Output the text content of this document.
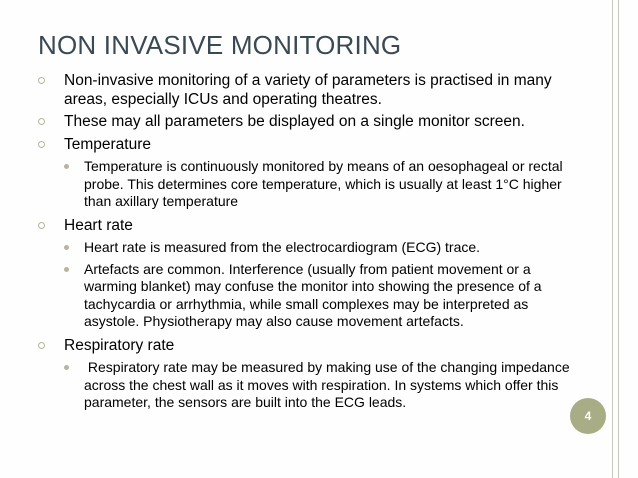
NON INVASIVE MONITORING
Non-invasive monitoring of a variety of parameters is practised in many areas, especially ICUs and operating theatres.
These may all parameters be displayed on a single monitor screen.
Temperature
Temperature is continuously monitored by means of an oesophageal or rectal probe. This determines core temperature, which is usually at least 1°C higher than axillary temperature
Heart rate
Heart rate is measured from the electrocardiogram (ECG) trace.
Artefacts are common. Interference (usually from patient movement or a warming blanket) may confuse the monitor into showing the presence of a tachycardia or arrhythmia, while small complexes may be interpreted as asystole. Physiotherapy may also cause movement artefacts.
Respiratory rate
Respiratory rate may be measured by making use of the changing impedance across the chest wall as it moves with respiration. In systems which offer this parameter, the sensors are built into the ECG leads.
4
